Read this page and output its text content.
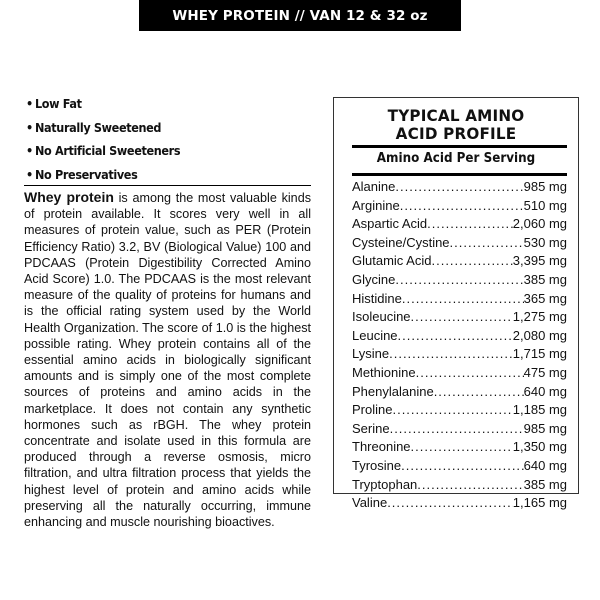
WHEY PROTEIN // VAN 12 & 32 oz
• Low Fat
• Naturally Sweetened
• No Artificial Sweeteners
• No Preservatives

Whey protein is among the most valuable kinds of protein available. It scores very well in all measures of protein value, such as PER (Protein Efficiency Ratio) 3.2, BV (Biological Value) 100 and PDCAAS (Protein Digestibility Corrected Amino Acid Score) 1.0. The PDCAAS is the most relevant measure of the quality of proteins for humans and is the official rating system used by the World Health Organization. The score of 1.0 is the highest possible rating. Whey protein contains all of the essential amino acids in biologically significant amounts and is simply one of the most complete sources of proteins and amino acids in the marketplace. It does not contain any synthetic hormones such as rBGH. The whey protein concentrate and isolate used in this formula are produced through a reverse osmosis, micro filtration, and ultra filtration process that yields the highest level of protein and amino acids while preserving all the naturally occurring, immune enhancing and muscle nourishing bioactives.

TYPICAL AMINO
ACID PROFILE
Amino Acid Per Serving
Alanine .....	985 mg
Arginine .....	510 mg
Aspartic Acid .....	2,060 mg
Cysteine/Cystine .....	530 mg
Glutamic Acid .....	3,395 mg
Glycine .....	385 mg
Histidine .....	365 mg
Isoleucine .....	1,275 mg
Leucine .....	2,080 mg
Lysine .....	1,715 mg
Methionine .....	475 mg
Phenylalanine .....	640 mg
Proline .....	1,185 mg
Serine .....	985 mg
Threonine .....	1,350 mg
Tyrosine .....	640 mg
Tryptophan .....	385 mg
Valine .....	1,165 mg
